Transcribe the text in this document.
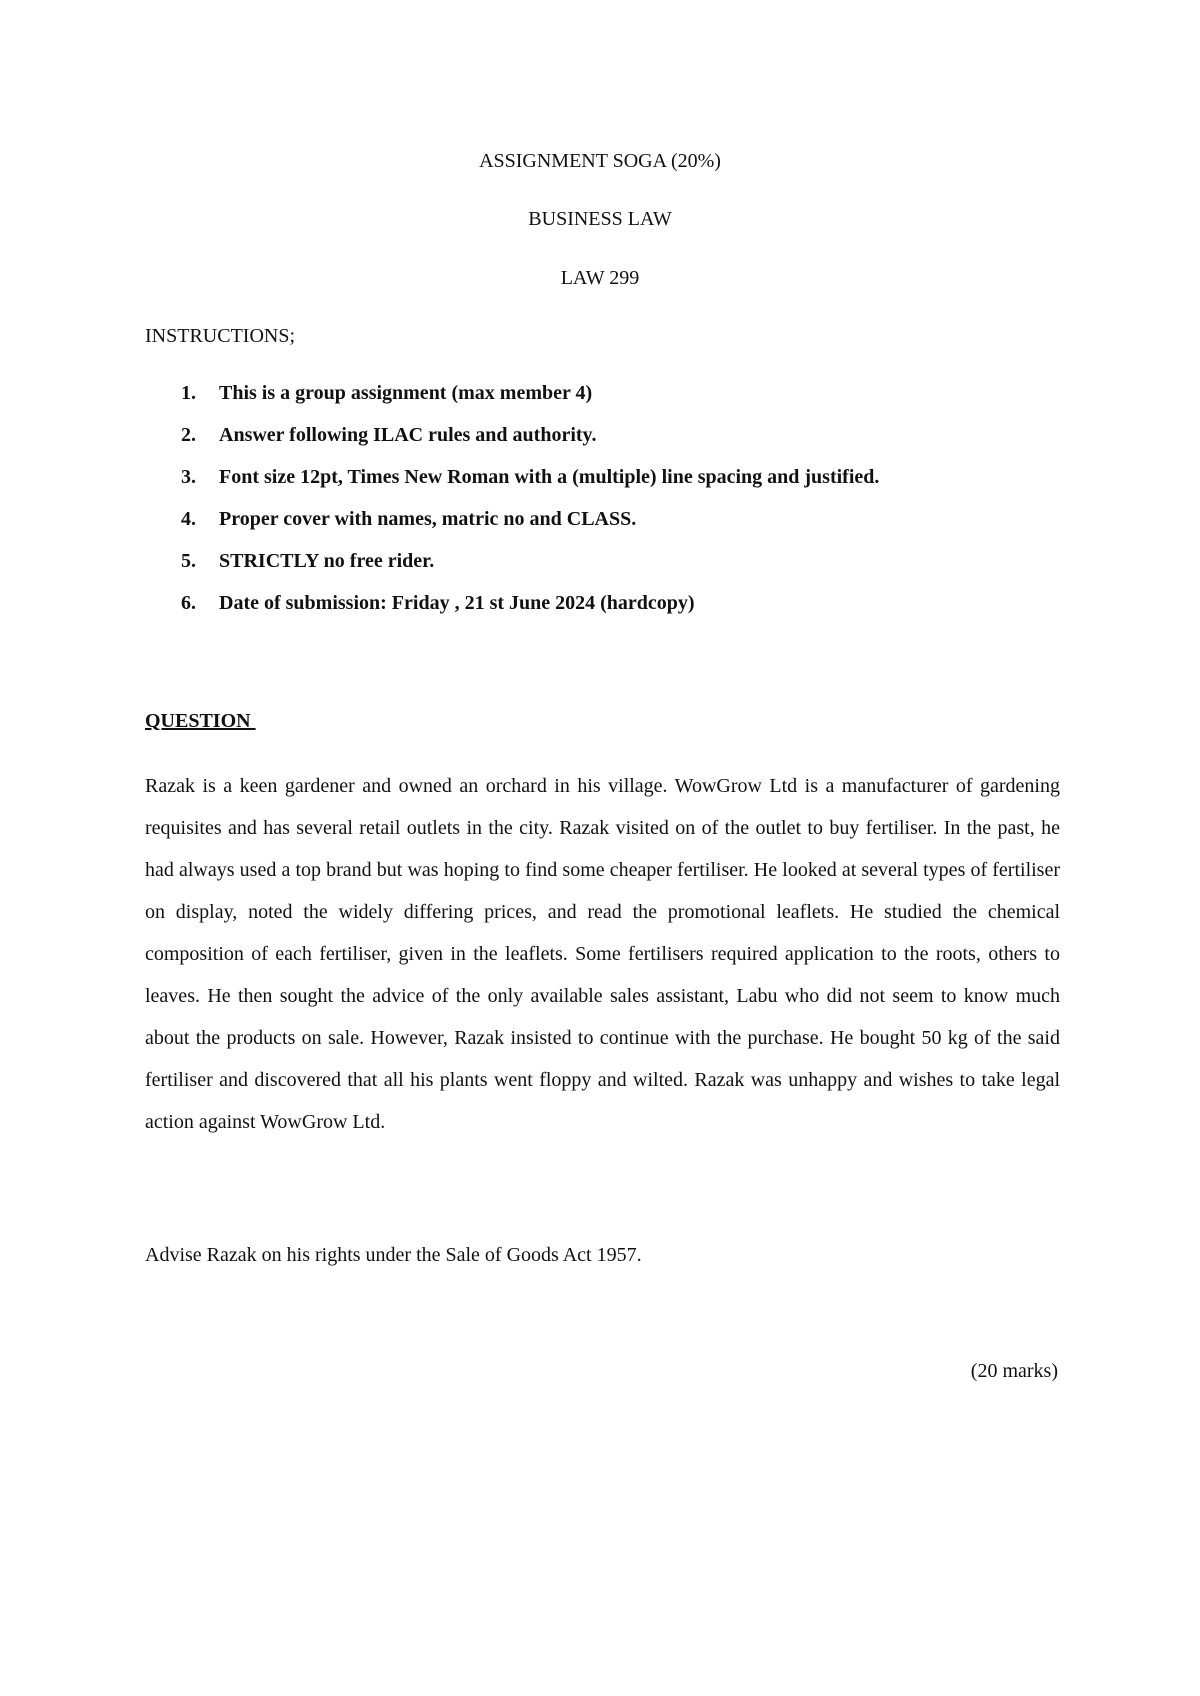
ASSIGNMENT SOGA (20%)
BUSINESS LAW
LAW 299
INSTRUCTIONS;
1.	This is a group assignment (max member 4)
2.	Answer following ILAC rules and authority.
3.	Font size 12pt, Times New Roman with a (multiple) line spacing and justified.
4.	Proper cover with names, matric no and CLASS.
5.	STRICTLY no free rider.
6.	Date of submission: Friday , 21 st June 2024 (hardcopy)
QUESTION

Razak is a keen gardener and owned an orchard in his village. WowGrow Ltd is a manufacturer of gardening requisites and has several retail outlets in the city. Razak visited on of the outlet to buy fertiliser. In the past, he had always used a top brand but was hoping to find some cheaper fertiliser. He looked at several types of fertiliser on display, noted the widely differing prices, and read the promotional leaflets. He studied the chemical composition of each fertiliser, given in the leaflets. Some fertilisers required application to the roots, others to leaves. He then sought the advice of the only available sales assistant, Labu who did not seem to know much about the products on sale. However, Razak insisted to continue with the purchase. He bought 50 kg of the said fertiliser and discovered that all his plants went floppy and wilted. Razak was unhappy and wishes to take legal action against WowGrow Ltd.

Advise Razak on his rights under the Sale of Goods Act 1957.

(20 marks)
